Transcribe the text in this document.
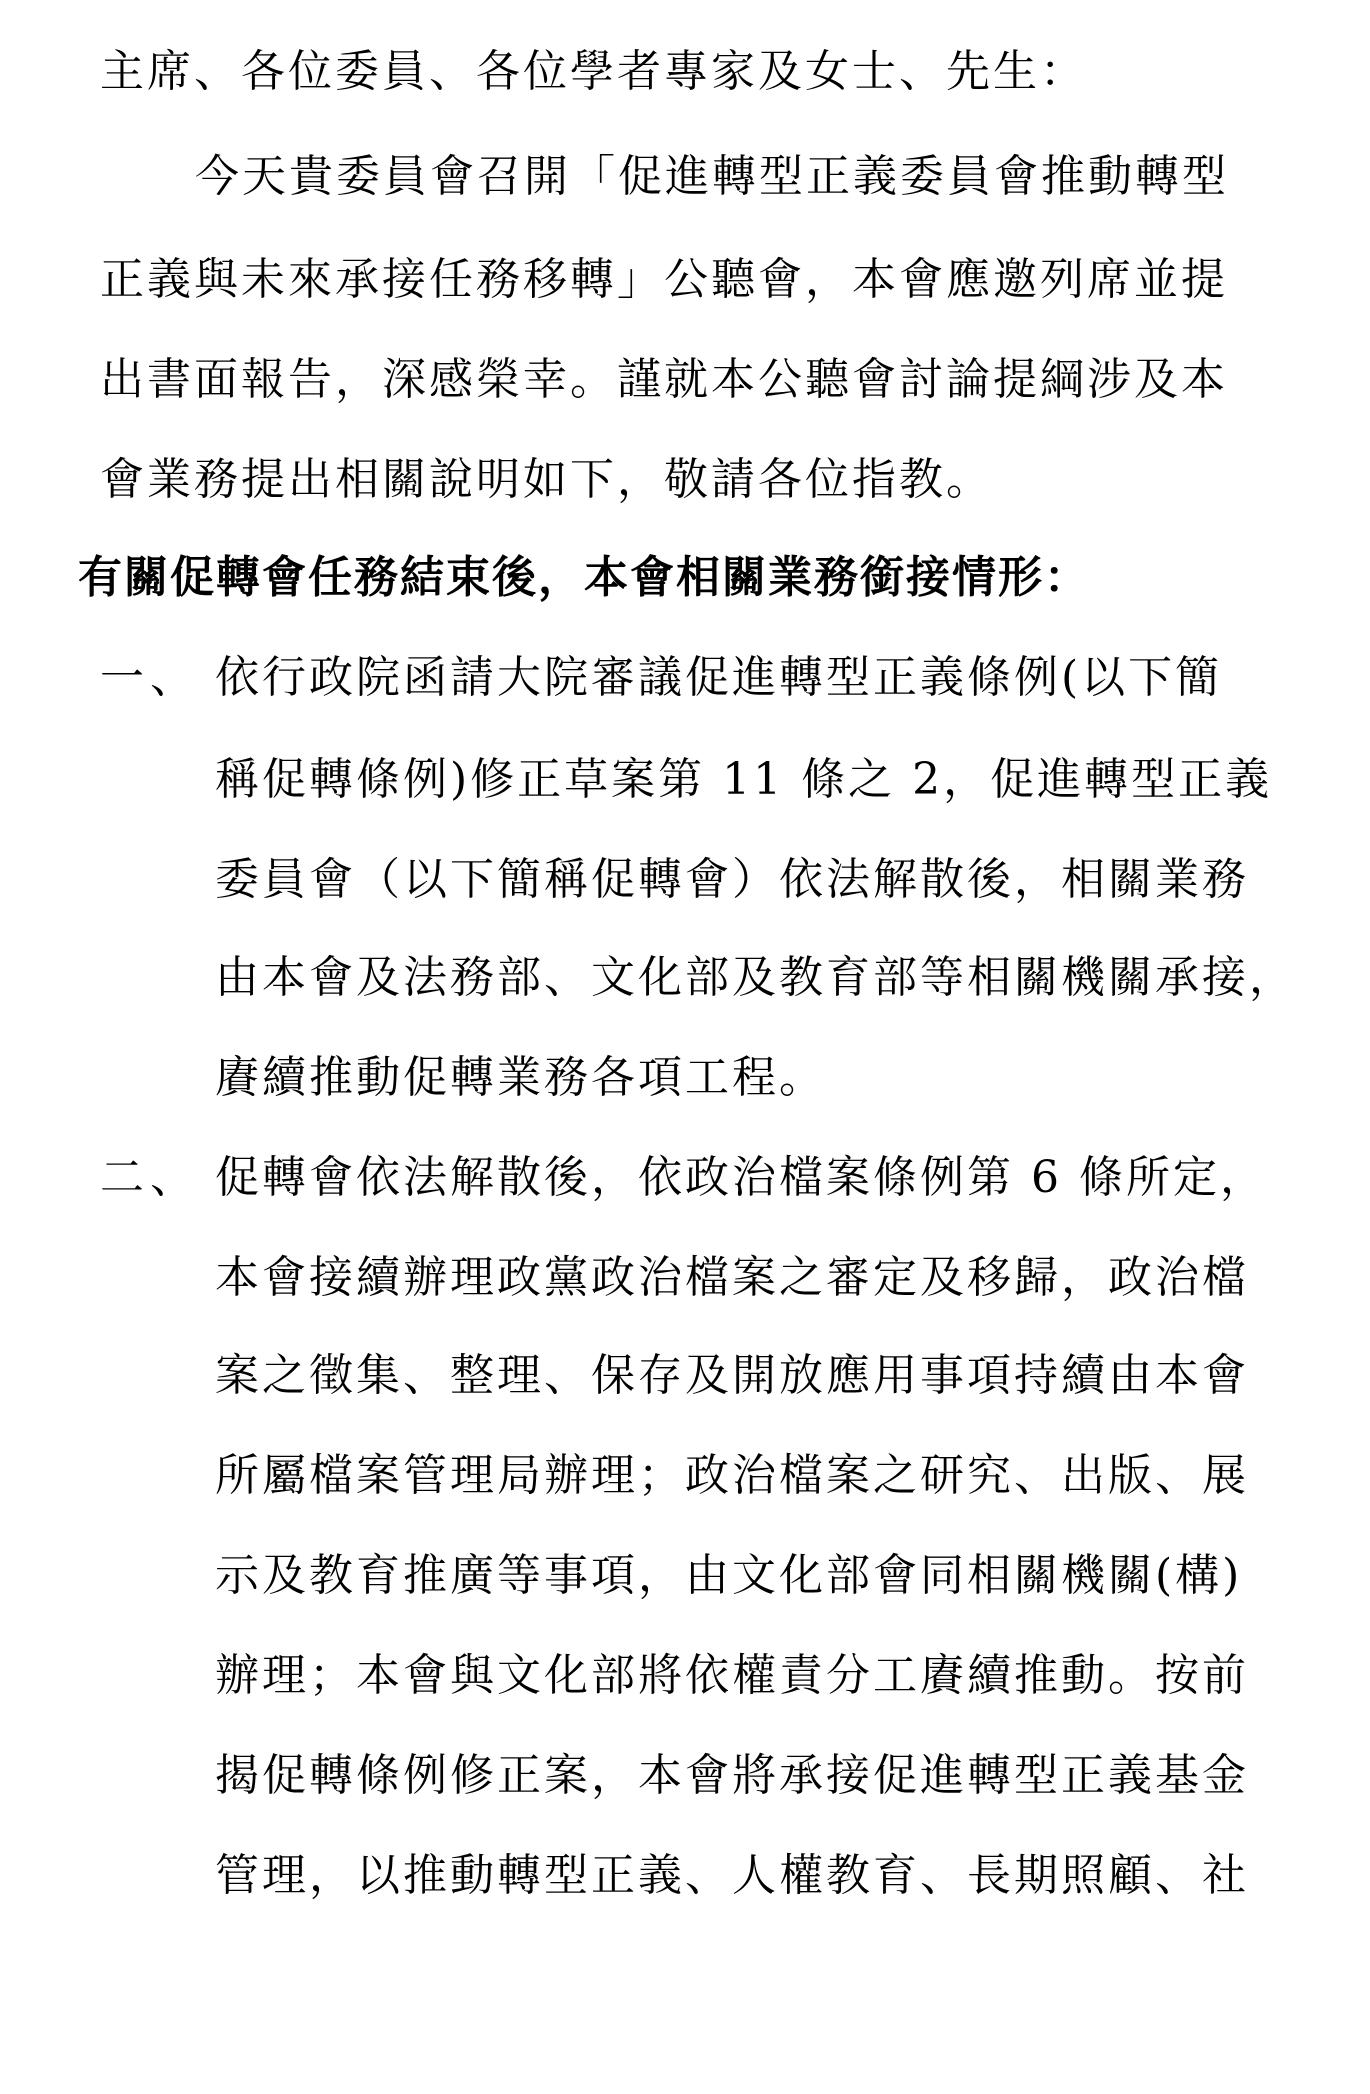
主席、各位委員、各位學者專家及女士、先生：
今天貴委員會召開「促進轉型正義委員會推動轉型
正義與未來承接任務移轉」公聽會，本會應邀列席並提
出書面報告，深感榮幸。謹就本公聽會討論提綱涉及本
會業務提出相關說明如下，敬請各位指教。
有關促轉會任務結束後，本會相關業務銜接情形：
一、 依行政院函請大院審議促進轉型正義條例(以下簡
稱促轉條例)修正草案第 11 條之 2，促進轉型正義
委員會（以下簡稱促轉會）依法解散後，相關業務
由本會及法務部、文化部及教育部等相關機關承接，
賡續推動促轉業務各項工程。
二、 促轉會依法解散後，依政治檔案條例第 6 條所定，
本會接續辦理政黨政治檔案之審定及移歸，政治檔
案之徵集、整理、保存及開放應用事項持續由本會
所屬檔案管理局辦理；政治檔案之研究、出版、展
示及教育推廣等事項，由文化部會同相關機關(構)
辦理；本會與文化部將依權責分工賡續推動。按前
揭促轉條例修正案，本會將承接促進轉型正義基金
管理，以推動轉型正義、人權教育、長期照顧、社
